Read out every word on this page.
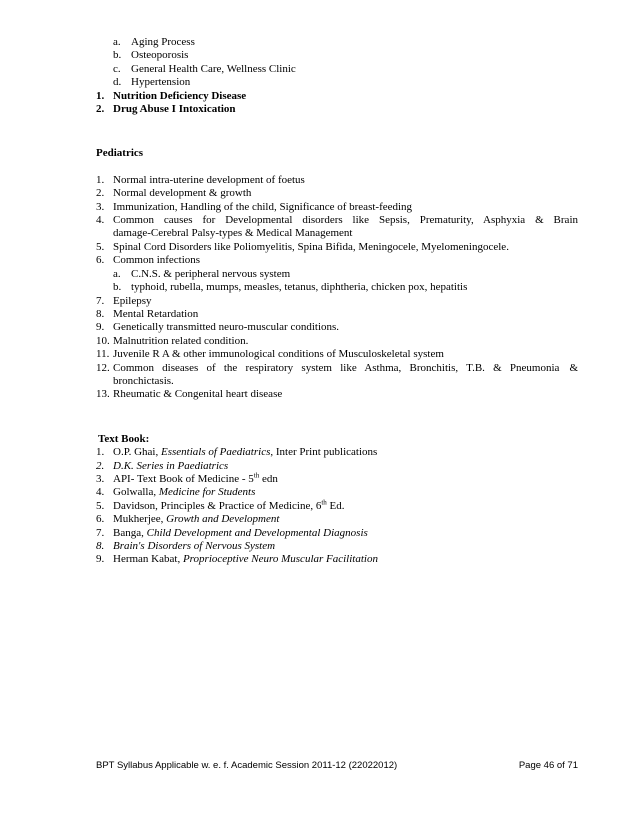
a. Aging Process
b. Osteoporosis
c. General Health Care, Wellness Clinic
d. Hypertension
1. Nutrition Deficiency Disease
2. Drug Abuse I Intoxication
Pediatrics
1. Normal intra-uterine development of foetus
2. Normal development & growth
3. Immunization, Handling of the child, Significance of breast-feeding
4. Common causes for Developmental disorders like Sepsis, Prematurity, Asphyxia & Brain
damage-Cerebral Palsy-types & Medical Management
5. Spinal Cord Disorders like Poliomyelitis, Spina Bifida, Meningocele, Myelomeningocele.
6. Common infections
a. C.N.S. & peripheral nervous system
b. typhoid, rubella, mumps, measles, tetanus, diphtheria, chicken pox, hepatitis
7. Epilepsy
8. Mental Retardation
9. Genetically transmitted neuro-muscular conditions.
10. Malnutrition related condition.
11. Juvenile R A & other immunological conditions of Musculoskeletal system
12. Common diseases of the respiratory system like Asthma, Bronchitis, T.B. & Pneumonia &
bronchictasis.
13. Rheumatic & Congenital heart disease
Text Book:
1. O.P. Ghai, Essentials of Paediatrics, Inter Print publications
2. D.K. Series in Paediatrics
3. API- Text Book of Medicine - 5th edn
4. Golwalla, Medicine for Students
5. Davidson, Principles & Practice of Medicine, 6th Ed.
6. Mukherjee, Growth and Development
7. Banga, Child Development and Developmental Diagnosis
8. Brain's Disorders of Nervous System
9. Herman Kabat, Proprioceptive Neuro Muscular Facilitation
BPT Syllabus Applicable w. e. f. Academic Session 2011-12 (22022012)	Page 46 of 71
